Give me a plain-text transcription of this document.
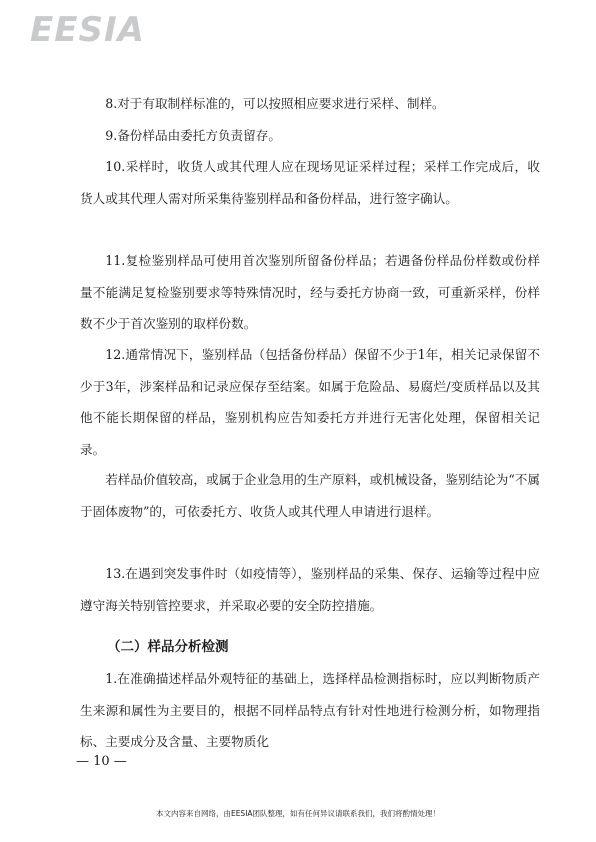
EESIA

8.对于有取制样标准的，可以按照相应要求进行采样、制样。

9.备份样品由委托方负责留存。

10.采样时，收货人或其代理人应在现场见证采样过程；采样工作完成后，收货人或其代理人需对所采集待鉴别样品和备份样品，进行签字确认。

11.复检鉴别样品可使用首次鉴别所留备份样品；若遇备份样品份样数或份样量不能满足复检鉴别要求等特殊情况时，经与委托方协商一致，可重新采样，份样数不少于首次鉴别的取样份数。

12.通常情况下，鉴别样品（包括备份样品）保留不少于1年，相关记录保留不少于3年，涉案样品和记录应保存至结案。如属于危险品、易腐烂/变质样品以及其他不能长期保留的样品，鉴别机构应告知委托方并进行无害化处理，保留相关记录。

若样品价值较高，或属于企业急用的生产原料，或机械设备，鉴别结论为“不属于固体废物”的，可依委托方、收货人或其代理人申请进行退样。

13.在遇到突发事件时（如疫情等），鉴别样品的采集、保存、运输等过程中应遵守海关特别管控要求，并采取必要的安全防控措施。

（二）样品分析检测

1.在准确描述样品外观特征的基础上，选择样品检测指标时，应以判断物质产生来源和属性为主要目的，根据不同样品特点有针对性地进行检测分析，如物理指标、主要成分及含量、主要物质化

— 10 —
本文内容来自网络，由EESIA团队整理，如有任何异议请联系我们，我们将酌情处理！
